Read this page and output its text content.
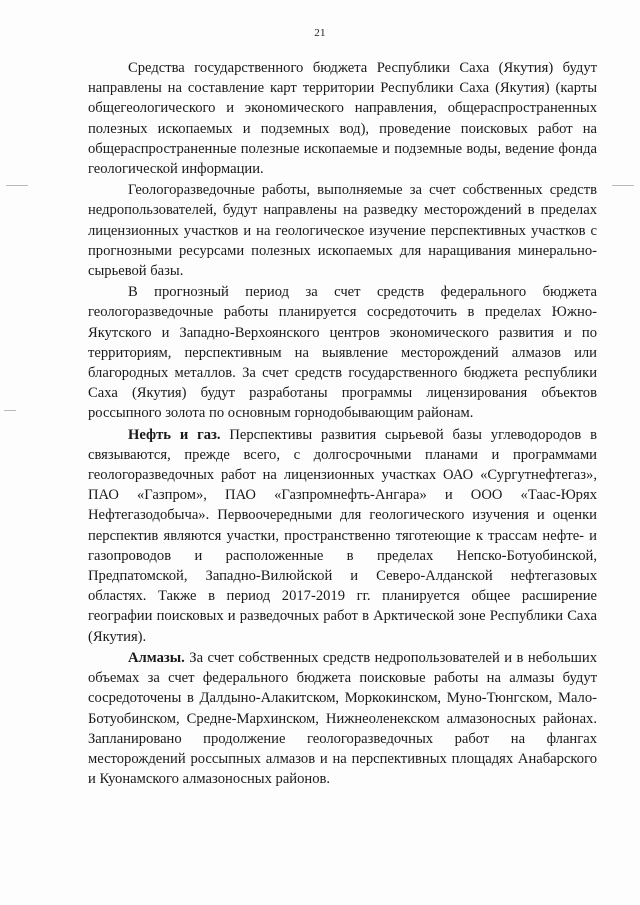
21

Средства государственного бюджета Республики Саха (Якутия) будут направлены на составление карт территории Республики Саха (Якутия) (карты общегеологического и экономического направления, общераспространенных полезных ископаемых и подземных вод), проведение поисковых работ на общераспространенные полезные ископаемые и подземные воды, ведение фонда геологической информации.

Геологоразведочные работы, выполняемые за счет собственных средств недропользователей, будут направлены на разведку месторождений в пределах лицензионных участков и на геологическое изучение перспективных участков с прогнозными ресурсами полезных ископаемых для наращивания минерально-сырьевой базы.

В прогнозный период за счет средств федерального бюджета геологоразведочные работы планируется сосредоточить в пределах Южно-Якутского и Западно-Верхоянского центров экономического развития и по территориям, перспективным на выявление месторождений алмазов или благородных металлов. За счет средств государственного бюджета республики Саха (Якутия) будут разработаны программы лицензирования объектов россыпного золота по основным горнодобывающим районам.

Нефть и газ. Перспективы развития сырьевой базы углеводородов в связываются, прежде всего, с долгосрочными планами и программами геологоразведочных работ на лицензионных участках ОАО «Сургутнефтегаз», ПАО «Газпром», ПАО «Газпромнефть-Ангара» и ООО «Таас-Юрях Нефтегазодобыча». Первоочередными для геологического изучения и оценки перспектив являются участки, пространственно тяготеющие к трассам нефте- и газопроводов и расположенные в пределах Непско-Ботуобинской, Предпатомской, Западно-Вилюйской и Северо-Алданской нефтегазовых областях. Также в период 2017-2019 гг. планируется общее расширение географии поисковых и разведочных работ в Арктической зоне Республики Саха (Якутия).

Алмазы. За счет собственных средств недропользователей и в небольших объемах за счет федерального бюджета поисковые работы на алмазы будут сосредоточены в Далдыно-Алакитском, Моркокинском, Муно-Тюнгском, Мало-Ботуобинском, Средне-Мархинском, Нижнеоленекском алмазоносных районах. Запланировано продолжение геологоразведочных работ на флангах месторождений россыпных алмазов и на перспективных площадях Анабарского и Куонамского алмазоносных районов.
